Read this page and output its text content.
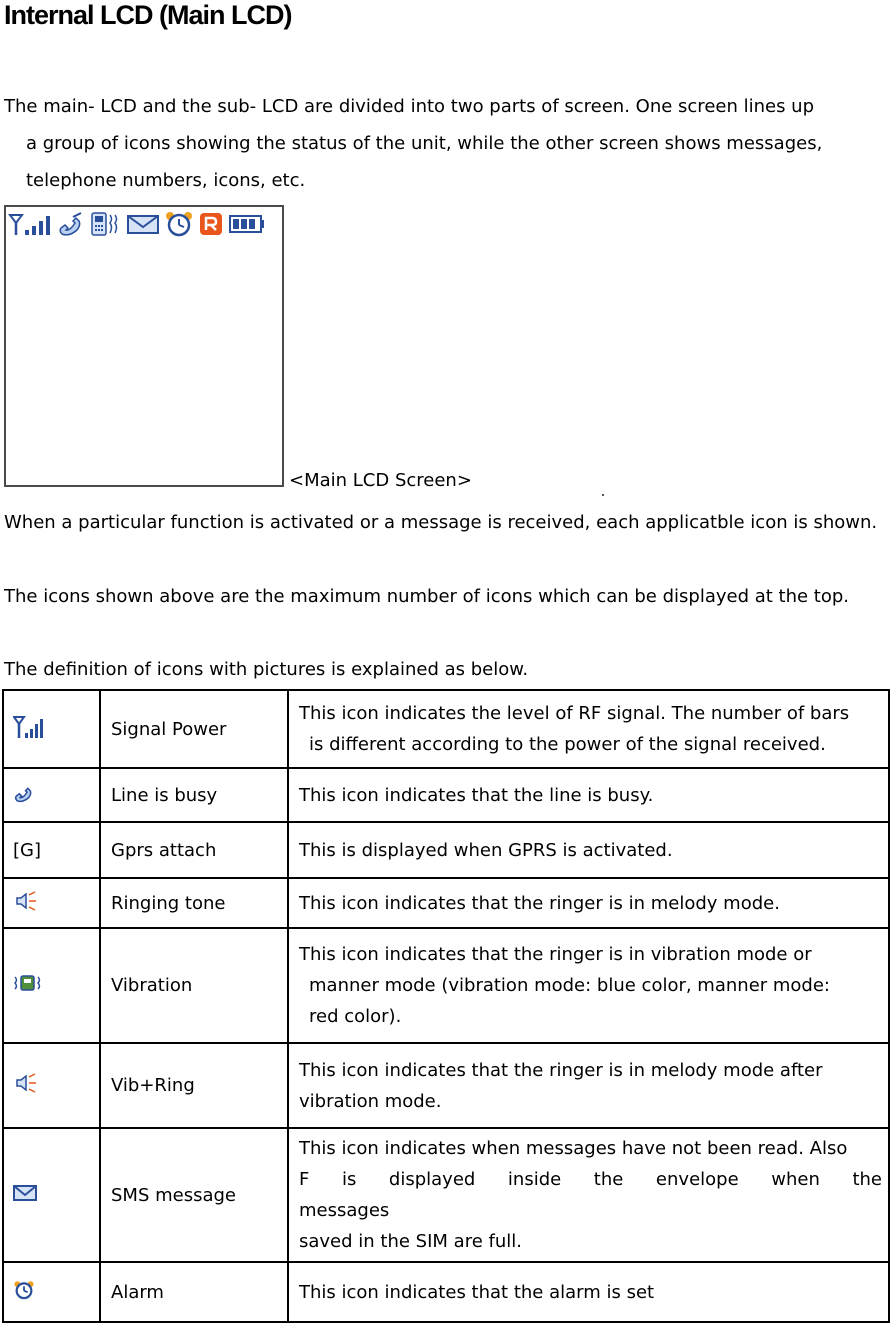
Internal LCD (Main LCD)

The main- LCD and the sub- LCD are divided into two parts of screen. One screen lines up
a group of icons showing the status of the unit, while the other screen shows messages,
telephone numbers, icons, etc.

<Main LCD Screen>

When a particular function is activated or a message is received, each applicatble icon is shown.

The icons shown above are the maximum number of icons which can be displayed at the top.

The definition of icons with pictures is explained as below.

	Signal Power	This icon indicates the level of RF signal. The number of bars
is different according to the power of the signal received.

	Line is busy	This icon indicates that the line is busy.
[G]	Gprs attach	This is displayed when GPRS is activated.
	Ringing tone	This icon indicates that the ringer is in melody mode.
	Vibration	This icon indicates that the ringer is in vibration mode or
manner mode (vibration mode: blue color, manner mode:
red color).

	Vib+Ring	This icon indicates that the ringer is in melody mode after
vibration mode.

	SMS message	This icon indicates when messages have not been read. Also
F is displayed inside the envelope when the messages
saved in the SIM are full.

	Alarm	This icon indicates that the alarm is set
